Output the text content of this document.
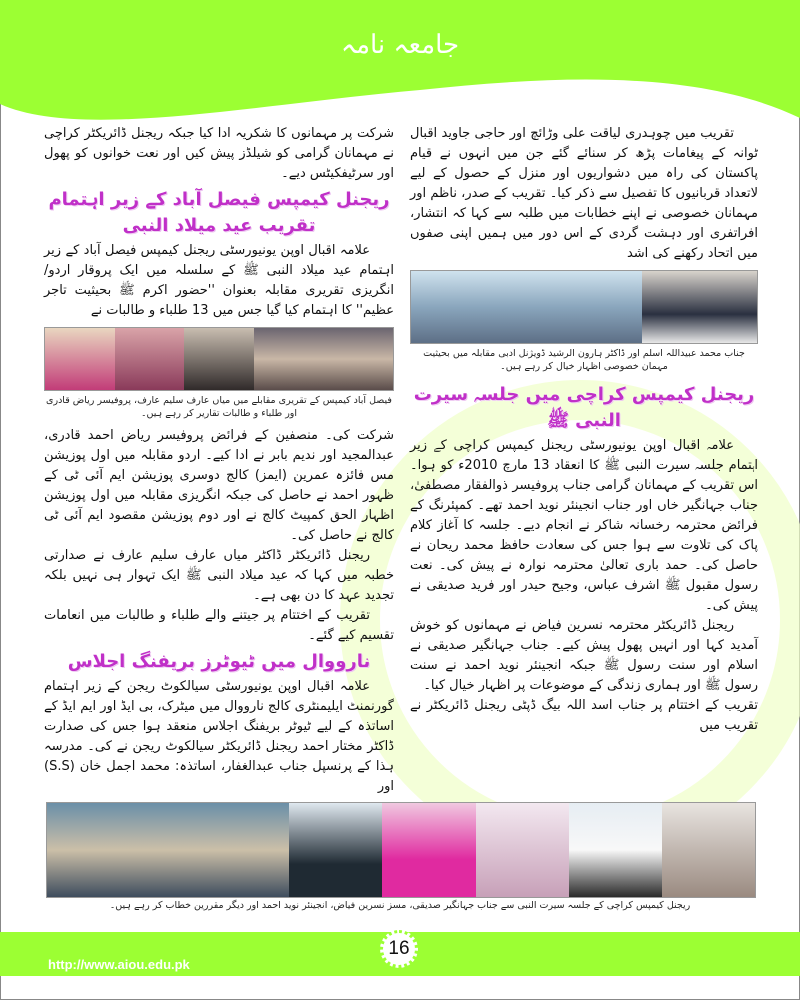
جامعہ نامہ

تقریب میں چوہدری لیاقت علی وڑائچ اور حاجی جاوید اقبال ٹوانہ کے پیغامات پڑھ کر سنائے گئے جن میں انہوں نے قیام پاکستان کی راہ میں دشواریوں اور منزل کے حصول کے لیے لاتعداد قربانیوں کا تفصیل سے ذکر کیا۔ تقریب کے صدر، ناظم اور مہمانان خصوصی نے اپنے خطابات میں طلبہ سے کہا کہ انتشار، افراتفری اور دہشت گردی کے اس دور میں ہمیں اپنی صفوں میں اتحاد رکھنے کی اشد

جناب محمد عبیداللہ اسلم اور ڈاکٹر ہارون الرشید ڈویژنل ادبی مقابلہ میں بحیثیت مہمان خصوصی اظہار خیال کر رہے ہیں۔
ریجنل کیمپس کراچی میں جلسہ سیرت النبی ﷺ

علامہ اقبال اوپن یونیورسٹی ریجنل کیمپس کراچی کے زیر اہتمام جلسہ سیرت النبی ﷺ کا انعقاد 13 مارچ 2010ء کو ہوا۔ اس تقریب کے مہمانان گرامی جناب پروفیسر ذوالفقار مصطفیٰ، جناب جہانگیر خاں اور جناب انجینئر نوید احمد تھے۔ کمپئرنگ کے فرائض محترمہ رخسانہ شاکر نے انجام دیے۔ جلسہ کا آغاز کلام پاک کی تلاوت سے ہوا جس کی سعادت حافظ محمد ریحان نے حاصل کی۔ حمد باری تعالیٰ محترمہ نوارہ نے پیش کی۔ نعت رسول مقبول ﷺ اشرف عباس، وجیح حیدر اور فرید صدیقی نے پیش کی۔

ریجنل ڈائریکٹر محترمہ نسرین فیاض نے مہمانوں کو خوش آمدید کہا اور انہیں پھول پیش کیے۔ جناب جہانگیر صدیقی نے اسلام اور سنت رسول ﷺ جبکہ انجینئر نوید احمد نے سنت رسول ﷺ اور ہماری زندگی کے موضوعات پر اظہار خیال کیا۔

تقریب کے اختتام پر جناب اسد اللہ بیگ ڈپٹی ریجنل ڈائریکٹر نے تقریب میں

شرکت پر مہمانوں کا شکریہ ادا کیا جبکہ ریجنل ڈائریکٹر کراچی نے مہمانان گرامی کو شیلڈز پیش کیں اور نعت خوانوں کو پھول اور سرٹیفکیٹس دیے۔

ریجنل کیمپس فیصل آباد کے زیر اہتمام تقریب عید میلاد النبی

علامہ اقبال اوپن یونیورسٹی ریجنل کیمپس فیصل آباد کے زیر اہتمام عید میلاد النبی ﷺ کے سلسلہ میں ایک پروقار اردو/انگریزی تقریری مقابلہ بعنوان ''حضور اکرم ﷺ بحیثیت تاجر عظیم'' کا اہتمام کیا گیا جس میں 13 طلباء و طالبات نے

فیصل آباد کیمپس کے تقریری مقابلے میں میاں عارف سلیم عارف، پروفیسر ریاض قادری اور طلباء و طالبات تقاریر کر رہے ہیں۔

شرکت کی۔ منصفین کے فرائض پروفیسر ریاض احمد قادری، عبدالمجید اور ندیم بابر نے ادا کیے۔ اردو مقابلہ میں اول پوزیشن مس فائزہ عمرین (ایمز) کالج دوسری پوزیشن ایم آئی ٹی کے ظہور احمد نے حاصل کی جبکہ انگریزی مقابلہ میں اول پوزیشن اظہار الحق کمپیٹ کالج نے اور دوم پوزیشن مقصود ایم آئی ٹی کالج نے حاصل کی۔

ریجنل ڈائریکٹر ڈاکٹر میاں عارف سلیم عارف نے صدارتی خطبہ میں کہا کہ عید میلاد النبی ﷺ ایک تہوار ہی نہیں بلکہ تجدید عہد کا دن بھی ہے۔

تقریب کے اختتام پر جیتنے والے طلباء و طالبات میں انعامات تقسیم کیے گئے۔

نارووال میں ٹیوٹرز بریفنگ اجلاس

علامہ اقبال اوپن یونیورسٹی سیالکوٹ ریجن کے زیر اہتمام گورنمنٹ ایلیمنٹری کالج نارووال میں میٹرک، بی ایڈ اور ایم ایڈ کے اساتذہ کے لیے ٹیوٹر بریفنگ اجلاس منعقد ہوا جس کی صدارت ڈاکٹر مختار احمد ریجنل ڈائریکٹر سیالکوٹ ریجن نے کی۔ مدرسہ ہذا کے پرنسپل جناب عبدالغفار، اساتذہ: محمد اجمل خان (S.S) اور

ریجنل کیمپس کراچی کے جلسہ سیرت النبی سے جناب جہانگیر صدیقی، مسز نسرین فیاض، انجینئر نوید احمد اور دیگر مقررین خطاب کر رہے ہیں۔
http://www.aiou.edu.pk
16
